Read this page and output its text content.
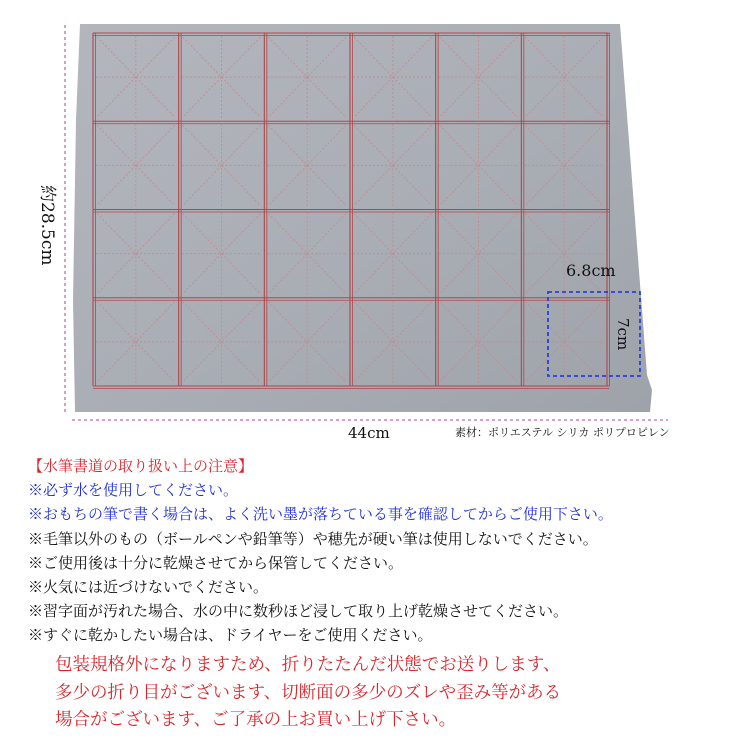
約28.5cm
44cm
6.8cm
7cm
素材：ポリエステル シリカ ポリプロピレン
【水筆書道の取り扱い上の注意】
※必ず水を使用してください。
※おもちの筆で書く場合は、よく洗い墨が落ちている事を確認してからご使用下さい。
※毛筆以外のもの（ボールペンや鉛筆等）や穂先が硬い筆は使用しないでください。
※ご使用後は十分に乾燥させてから保管してください。
※火気には近づけないでください。
※習字面が汚れた場合、水の中に数秒ほど浸して取り上げ乾燥させてください。
※すぐに乾かしたい場合は、ドライヤーをご使用ください。
包装規格外になりますため、折りたたんだ状態でお送りします、
多少の折り目がございます、切断面の多少のズレや歪み等がある
場合がございます、ご了承の上お買い上げ下さい。
